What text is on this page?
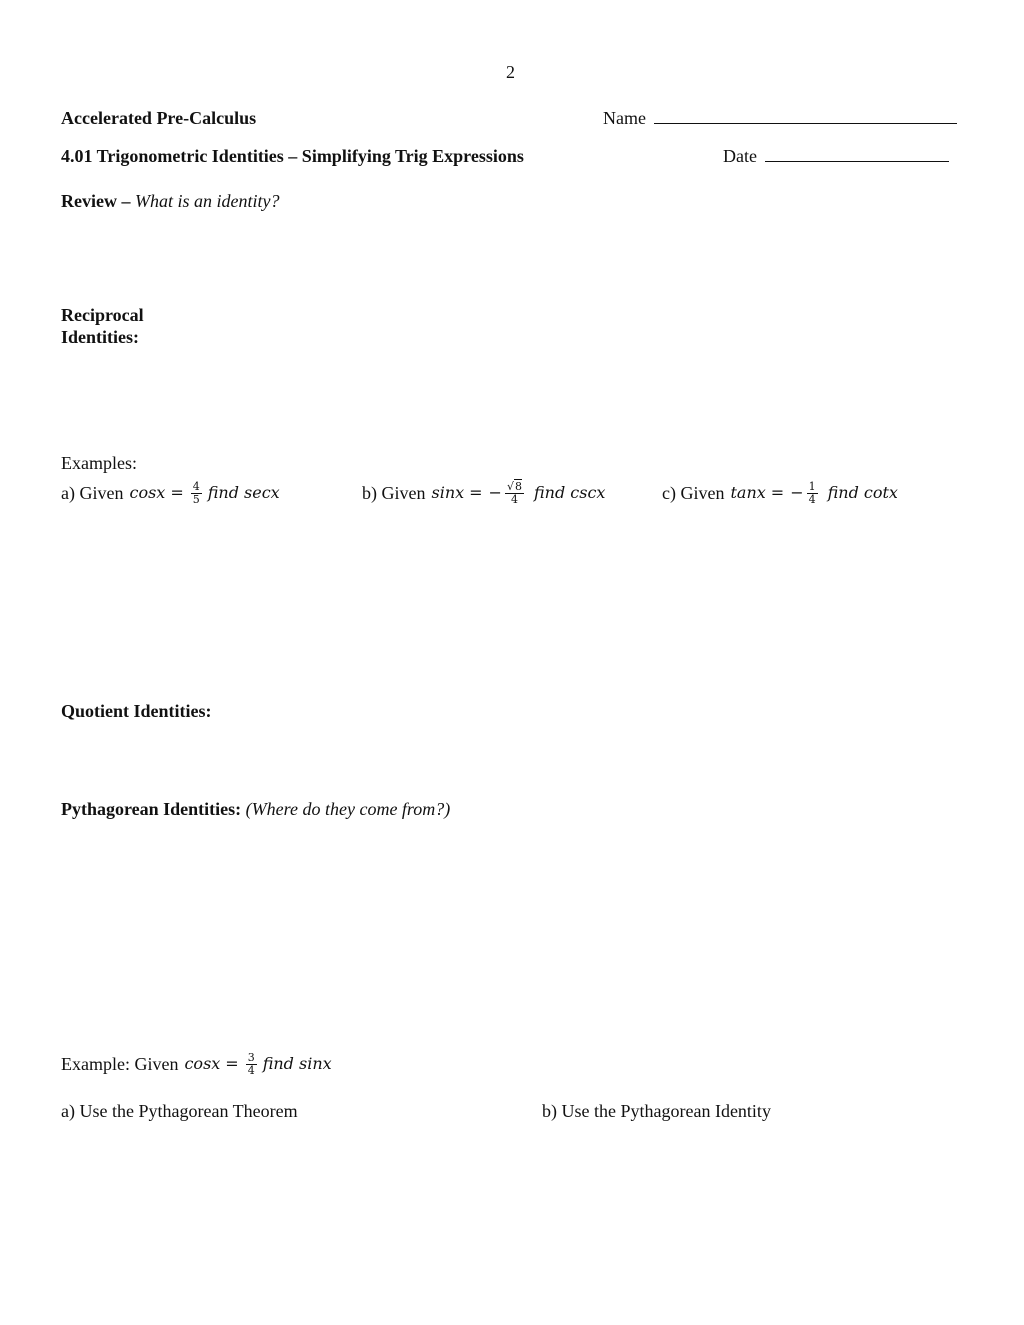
2
Accelerated Pre-Calculus	Name
4.01 Trigonometric Identities – Simplifying Trig Expressions	Date
Review – What is an identity?
Reciprocal
Identities:
Examples:
a) Given $\cos x = \frac{4}{5}$ find secx	b) Given sinx = − $\frac{√8}{4}$ find cscx	c) Given tanx = − $\frac{1}{4}$ find cotx
Quotient Identities:
Pythagorean Identities: (Where do they come from?)
Example: Given $\cos x = \frac{3}{4}$ find sinx
a) Use the Pythagorean Theorem	b) Use the Pythagorean Identity
